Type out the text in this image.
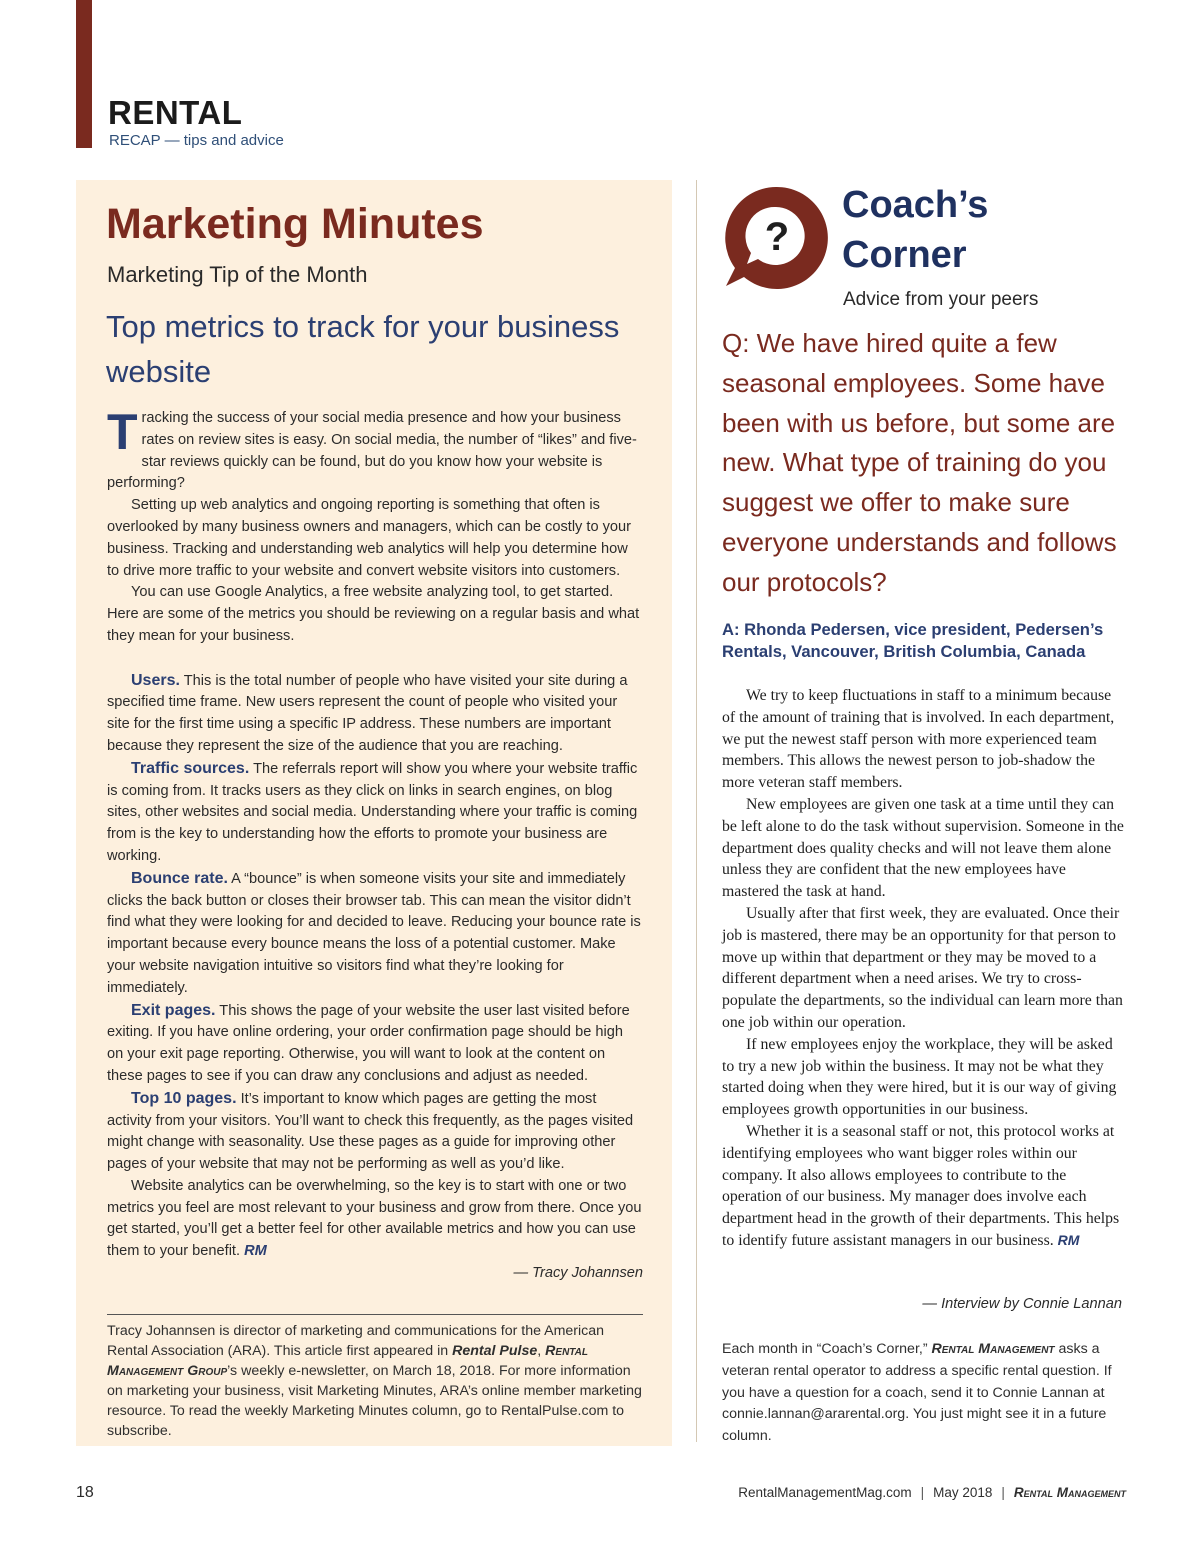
RENTAL
RECAP — tips and advice
Marketing Minutes
Marketing Tip of the Month
Top metrics to track for your business website

Tracking the success of your social media presence and how your business rates on review sites is easy. On social media, the number of “likes” and five-star reviews quickly can be found, but do you know how your website is performing?

Setting up web analytics and ongoing reporting is something that often is overlooked by many business owners and managers, which can be costly to your business. Tracking and understanding web analytics will help you determine how to drive more traffic to your website and convert website visitors into customers.

You can use Google Analytics, a free website analyzing tool, to get started. Here are some of the metrics you should be reviewing on a regular basis and what they mean for your business.

Users. This is the total number of people who have visited your site during a specified time frame. New users represent the count of people who visited your site for the first time using a specific IP address. These numbers are important because they represent the size of the audience that you are reaching.

Traffic sources. The referrals report will show you where your website traffic is coming from. It tracks users as they click on links in search engines, on blog sites, other websites and social media. Understanding where your traffic is coming from is the key to understanding how the efforts to promote your business are working.

Bounce rate. A “bounce” is when someone visits your site and immediately clicks the back button or closes their browser tab. This can mean the visitor didn’t find what they were looking for and decided to leave. Reducing your bounce rate is important because every bounce means the loss of a potential customer. Make your website navigation intuitive so visitors find what they’re looking for immediately.

Exit pages. This shows the page of your website the user last visited before exiting. If you have online ordering, your order confirmation page should be high on your exit page reporting. Otherwise, you will want to look at the content on these pages to see if you can draw any conclusions and adjust as needed.

Top 10 pages. It’s important to know which pages are getting the most activity from your visitors. You’ll want to check this frequently, as the pages visited might change with seasonality. Use these pages as a guide for improving other pages of your website that may not be performing as well as you’d like.

Website analytics can be overwhelming, so the key is to start with one or two metrics you feel are most relevant to your business and grow from there. Once you get started, you’ll get a better feel for other available metrics and how you can use them to your benefit. RM

— Tracy Johannsen

Tracy Johannsen is director of marketing and communications for the American Rental Association (ARA). This article first appeared in Rental Pulse, Rental Management Group’s weekly e-newsletter, on March 18, 2018. For more information on marketing your business, visit Marketing Minutes, ARA’s online member marketing resource. To read the weekly Marketing Minutes column, go to RentalPulse.com to subscribe.
?
Coach’s
Corner
Advice from your peers
Q: We have hired quite a few seasonal employees. Some have been with us before, but some are new. What type of training do you suggest we offer to make sure everyone understands and follows our protocols?
A: Rhonda Pedersen, vice president, Pedersen’s Rentals, Vancouver, British Columbia, Canada

We try to keep fluctuations in staff to a minimum because of the amount of training that is involved. In each department, we put the newest staff person with more experienced team members. This allows the newest person to job-shadow the more veteran staff members.

New employees are given one task at a time until they can be left alone to do the task without supervision. Someone in the department does quality checks and will not leave them alone unless they are confident that the new employees have mastered the task at hand.

Usually after that first week, they are evaluated. Once their job is mastered, there may be an opportunity for that person to move up within that department or they may be moved to a different department when a need arises. We try to cross-populate the departments, so the individual can learn more than one job within our operation.

If new employees enjoy the workplace, they will be asked to try a new job within the business. It may not be what they started doing when they were hired, but it is our way of giving employees growth opportunities in our business.

Whether it is a seasonal staff or not, this protocol works at identifying employees who want bigger roles within our company. It also allows employees to contribute to the operation of our business. My manager does involve each department head in the growth of their departments. This helps to identify future assistant managers in our business. RM

— Interview by Connie Lannan
Each month in “Coach’s Corner,” Rental Management asks a veteran rental operator to address a specific rental question. If you have a question for a coach, send it to Connie Lannan at connie.lannan@ararental.org. You just might see it in a future column.
18	RentalManagementMag.com | May 2018 | Rental Management
